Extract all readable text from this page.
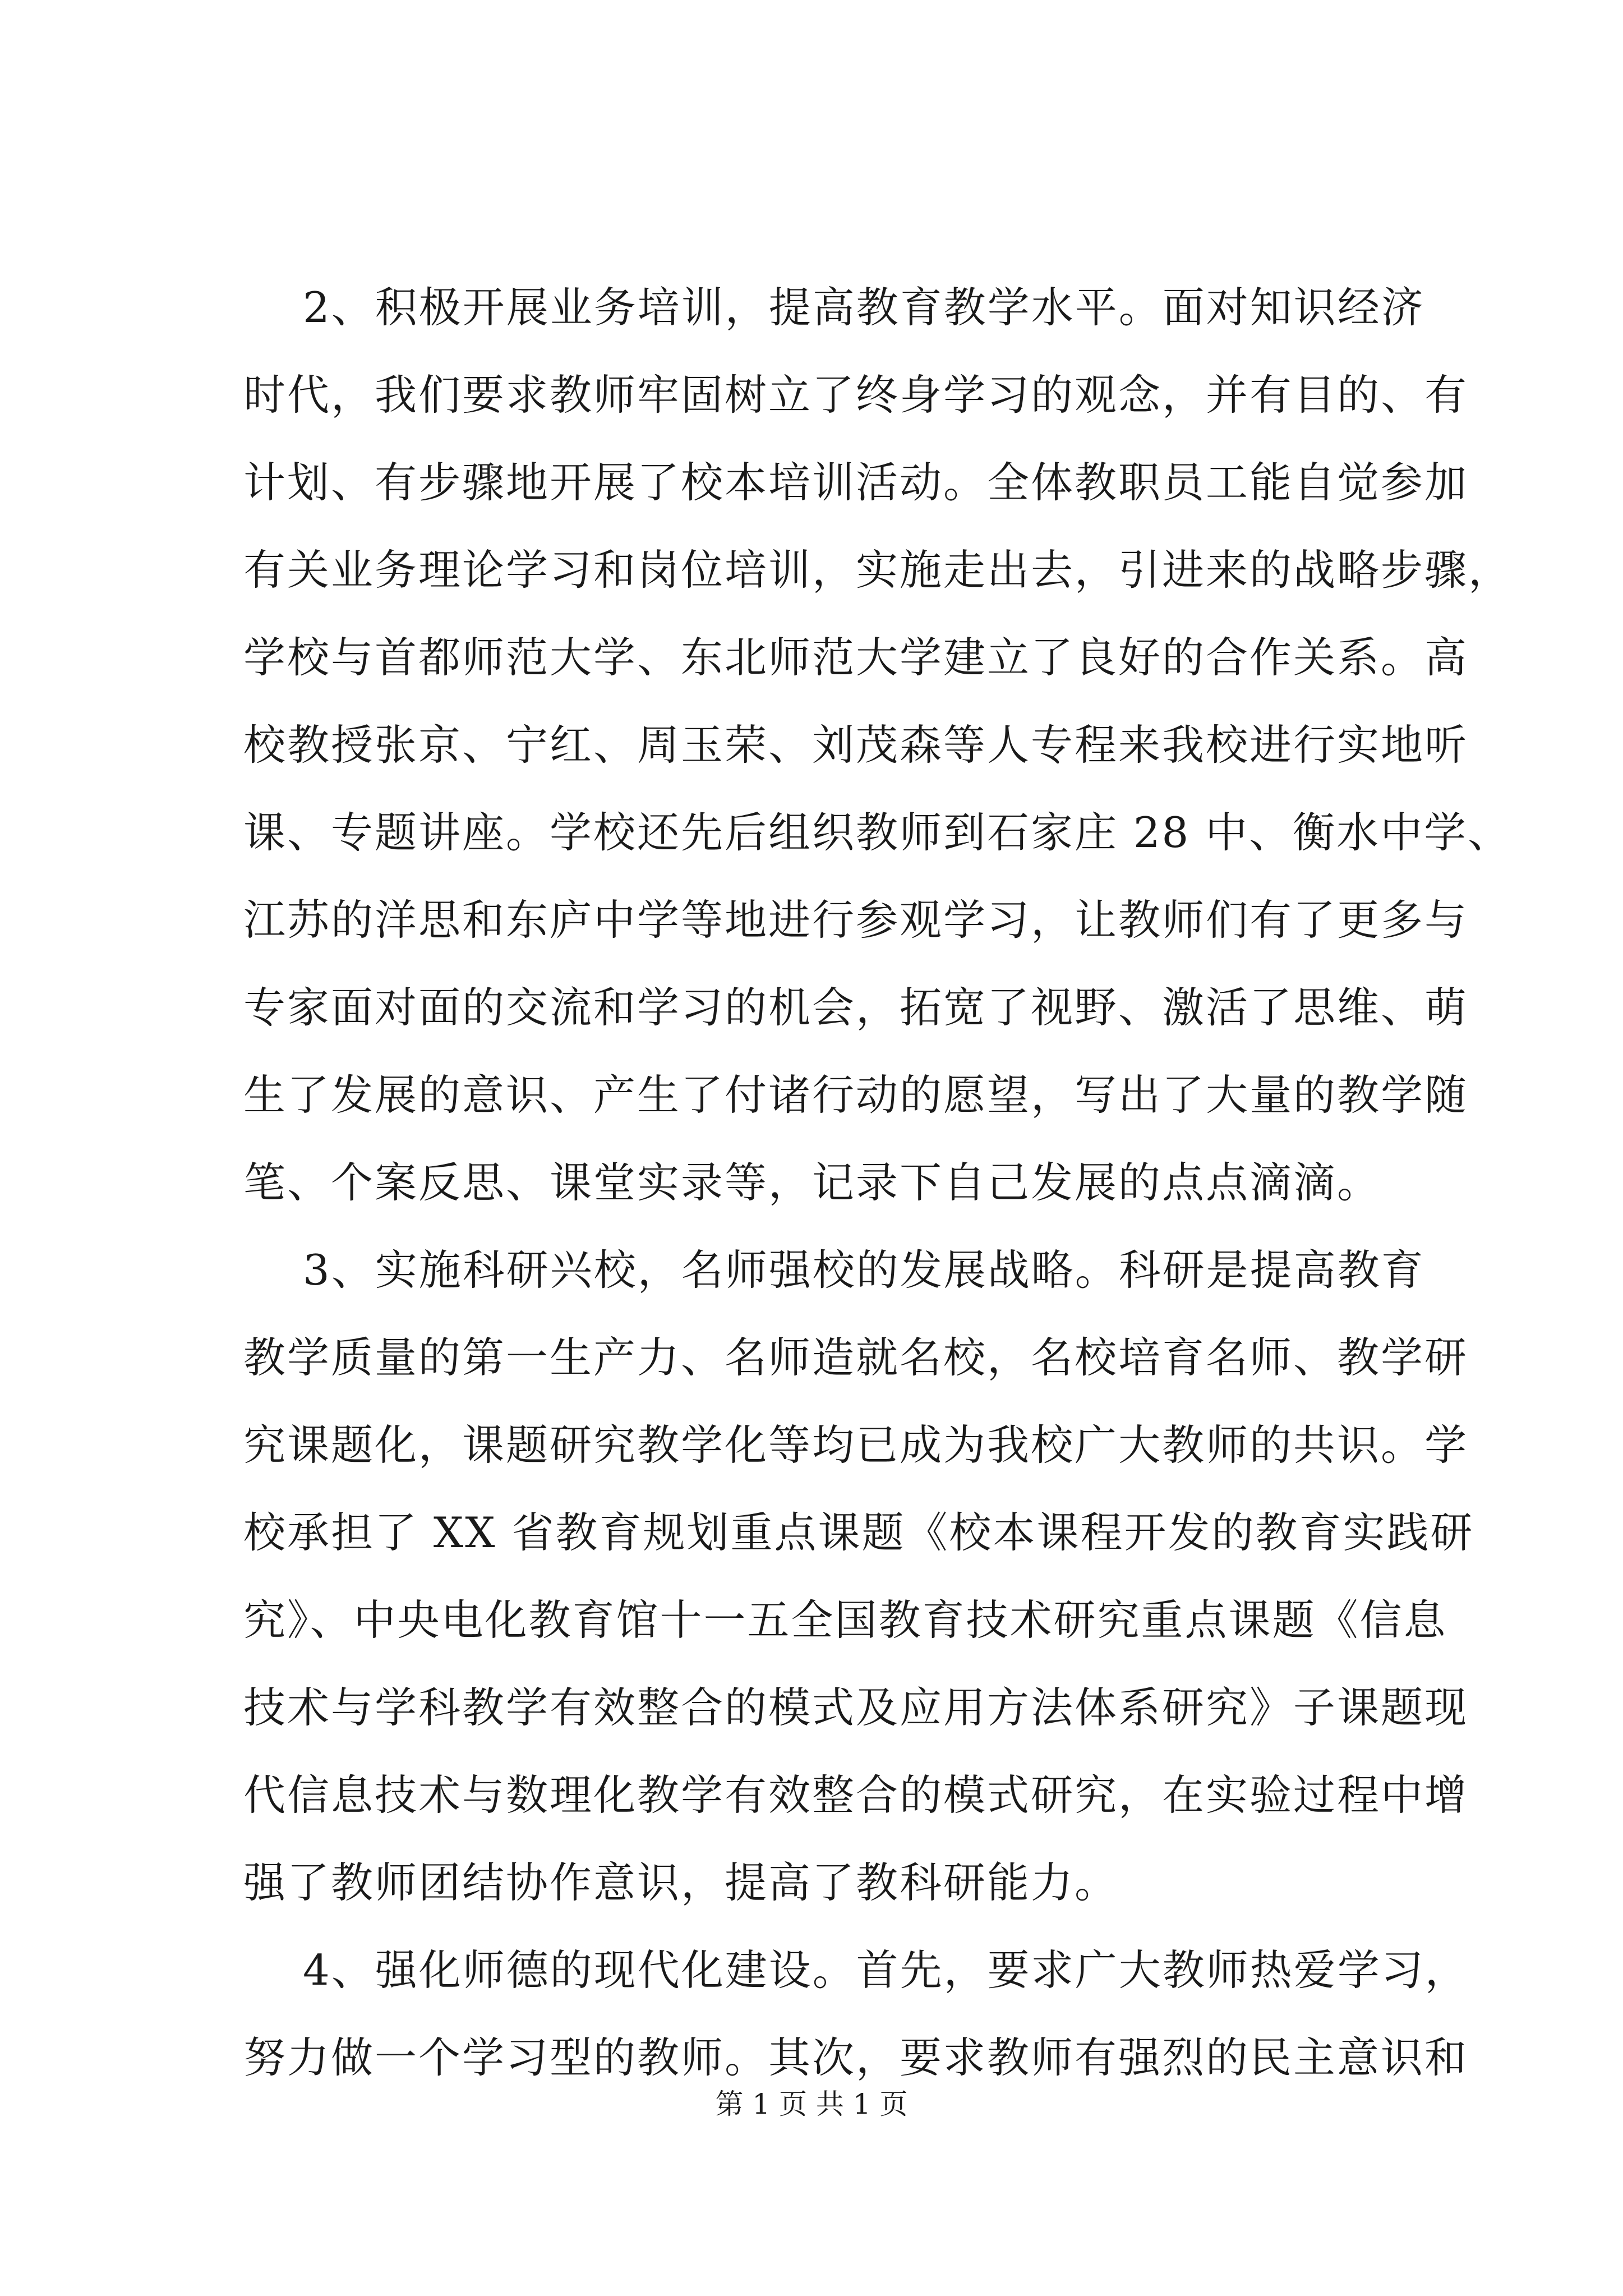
2、积极开展业务培训，提高教育教学水平。面对知识经济
时代，我们要求教师牢固树立了终身学习的观念，并有目的、有
计划、有步骤地开展了校本培训活动。全体教职员工能自觉参加
有关业务理论学习和岗位培训，实施走出去，引进来的战略步骤，
学校与首都师范大学、东北师范大学建立了良好的合作关系。高
校教授张京、宁红、周玉荣、刘茂森等人专程来我校进行实地听
课、专题讲座。学校还先后组织教师到石家庄 28 中、衡水中学、
江苏的洋思和东庐中学等地进行参观学习，让教师们有了更多与
专家面对面的交流和学习的机会，拓宽了视野、激活了思维、萌
生了发展的意识、产生了付诸行动的愿望，写出了大量的教学随
笔、个案反思、课堂实录等，记录下自己发展的点点滴滴。
3、实施科研兴校，名师强校的发展战略。科研是提高教育
教学质量的第一生产力、名师造就名校，名校培育名师、教学研
究课题化，课题研究教学化等均已成为我校广大教师的共识。学
校承担了 XX 省教育规划重点课题《校本课程开发的教育实践研
究》、中央电化教育馆十一五全国教育技术研究重点课题《信息
技术与学科教学有效整合的模式及应用方法体系研究》子课题现
代信息技术与数理化教学有效整合的模式研究，在实验过程中增
强了教师团结协作意识，提高了教科研能力。
4、强化师德的现代化建设。首先，要求广大教师热爱学习，
努力做一个学习型的教师。其次，要求教师有强烈的民主意识和
第 1 页 共 1 页
